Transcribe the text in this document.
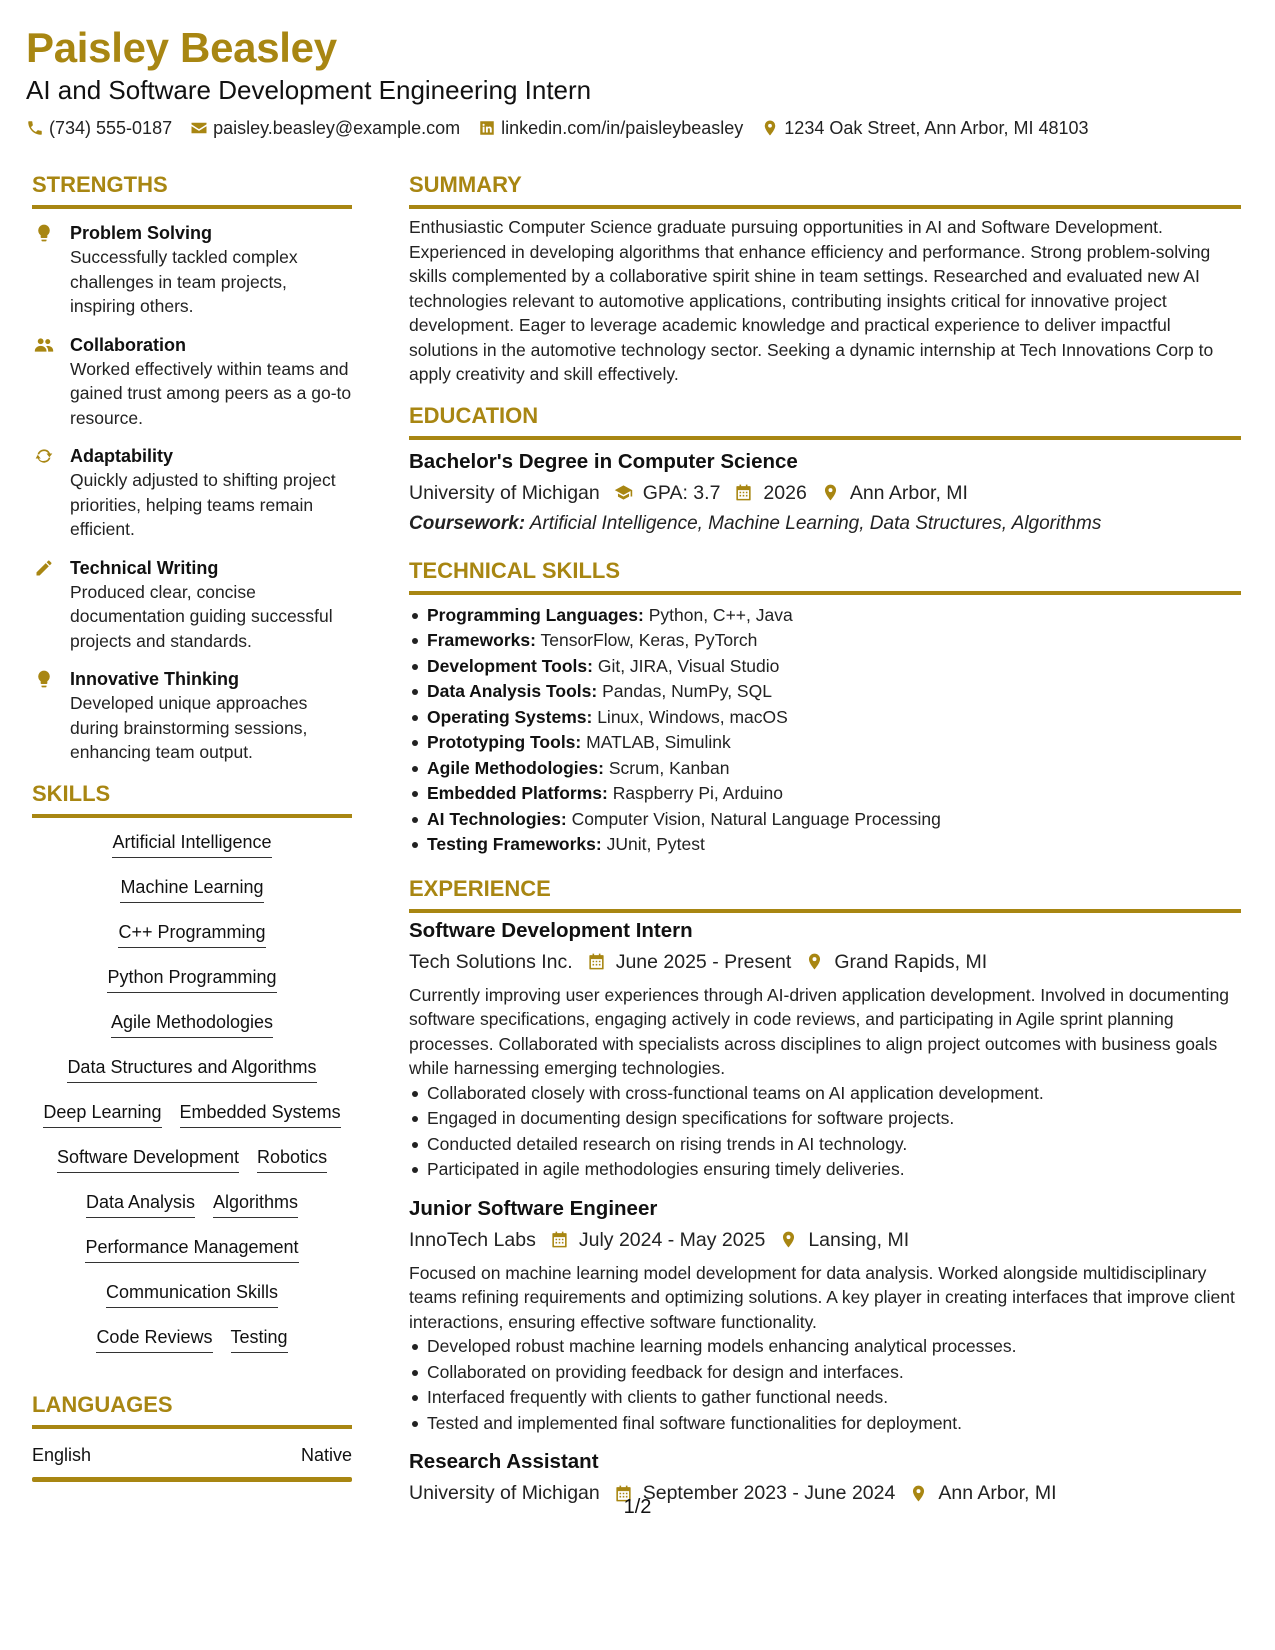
Paisley Beasley
AI and Software Development Engineering Intern
(734) 555-0187 paisley.beasley@example.com linkedin.com/in/paisleybeasley 1234 Oak Street, Ann Arbor, MI 48103
STRENGTHS
Problem Solving
Successfully tackled complex challenges in team projects, inspiring others.
Collaboration
Worked effectively within teams and gained trust among peers as a go-to resource.
Adaptability
Quickly adjusted to shifting project priorities, helping teams remain efficient.
Technical Writing
Produced clear, concise documentation guiding successful projects and standards.
Innovative Thinking
Developed unique approaches during brainstorming sessions, enhancing team output.
SKILLS
Artificial Intelligence
Machine Learning
C++ Programming
Python Programming
Agile Methodologies
Data Structures and Algorithms
Deep Learning Embedded Systems
Software Development Robotics
Data Analysis Algorithms
Performance Management
Communication Skills
Code Reviews Testing
LANGUAGES
English	Native
SUMMARY
Enthusiastic Computer Science graduate pursuing opportunities in AI and Software Development. Experienced in developing algorithms that enhance efficiency and performance. Strong problem-solving skills complemented by a collaborative spirit shine in team settings. Researched and evaluated new AI technologies relevant to automotive applications, contributing insights critical for innovative project development. Eager to leverage academic knowledge and practical experience to deliver impactful solutions in the automotive technology sector. Seeking a dynamic internship at Tech Innovations Corp to apply creativity and skill effectively.
EDUCATION
Bachelor's Degree in Computer Science
University of Michigan GPA: 3.7 2026 Ann Arbor, MI
Coursework: Artificial Intelligence, Machine Learning, Data Structures, Algorithms
TECHNICAL SKILLS
Programming Languages: Python, C++, Java
Frameworks: TensorFlow, Keras, PyTorch
Development Tools: Git, JIRA, Visual Studio
Data Analysis Tools: Pandas, NumPy, SQL
Operating Systems: Linux, Windows, macOS
Prototyping Tools: MATLAB, Simulink
Agile Methodologies: Scrum, Kanban
Embedded Platforms: Raspberry Pi, Arduino
AI Technologies: Computer Vision, Natural Language Processing
Testing Frameworks: JUnit, Pytest
EXPERIENCE
Software Development Intern
Tech Solutions Inc. June 2025 - Present Grand Rapids, MI
Currently improving user experiences through AI-driven application development. Involved in documenting software specifications, engaging actively in code reviews, and participating in Agile sprint planning processes. Collaborated with specialists across disciplines to align project outcomes with business goals while harnessing emerging technologies.
Collaborated closely with cross-functional teams on AI application development.
Engaged in documenting design specifications for software projects.
Conducted detailed research on rising trends in AI technology.
Participated in agile methodologies ensuring timely deliveries.
Junior Software Engineer
InnoTech Labs July 2024 - May 2025 Lansing, MI
Focused on machine learning model development for data analysis. Worked alongside multidisciplinary teams refining requirements and optimizing solutions. A key player in creating interfaces that improve client interactions, ensuring effective software functionality.
Developed robust machine learning models enhancing analytical processes.
Collaborated on providing feedback for design and interfaces.
Interfaced frequently with clients to gather functional needs.
Tested and implemented final software functionalities for deployment.
Research Assistant
University of Michigan September 2023 - June 2024 Ann Arbor, MI
1/2
